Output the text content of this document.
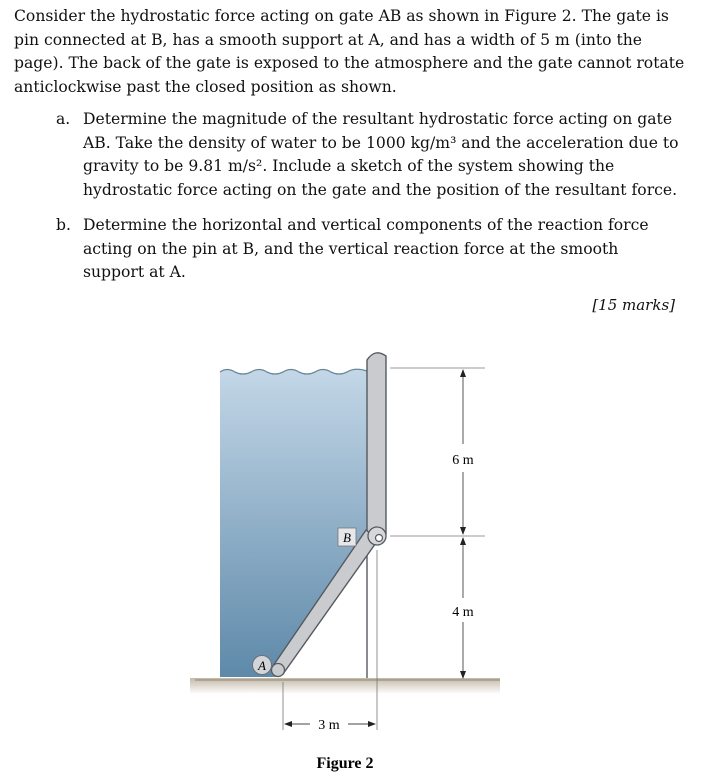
Consider the hydrostatic force acting on gate AB as shown in Figure 2. The gate is pin connected at B, has a smooth support at A, and has a width of 5 m (into the page). The back of the gate is exposed to the atmosphere and the gate cannot rotate anticlockwise past the closed position as shown.

a. Determine the magnitude of the resultant hydrostatic force acting on gate AB. Take the density of water to be 1000 kg/m³ and the acceleration due to gravity to be 9.81 m/s². Include a sketch of the system showing the hydrostatic force acting on the gate and the position of the resultant force.
b. Determine the horizontal and vertical components of the reaction force acting on the pin at B, and the vertical reaction force at the smooth support at A.
[15 marks]
B
A
6 m
4 m
3 m
Figure 2
